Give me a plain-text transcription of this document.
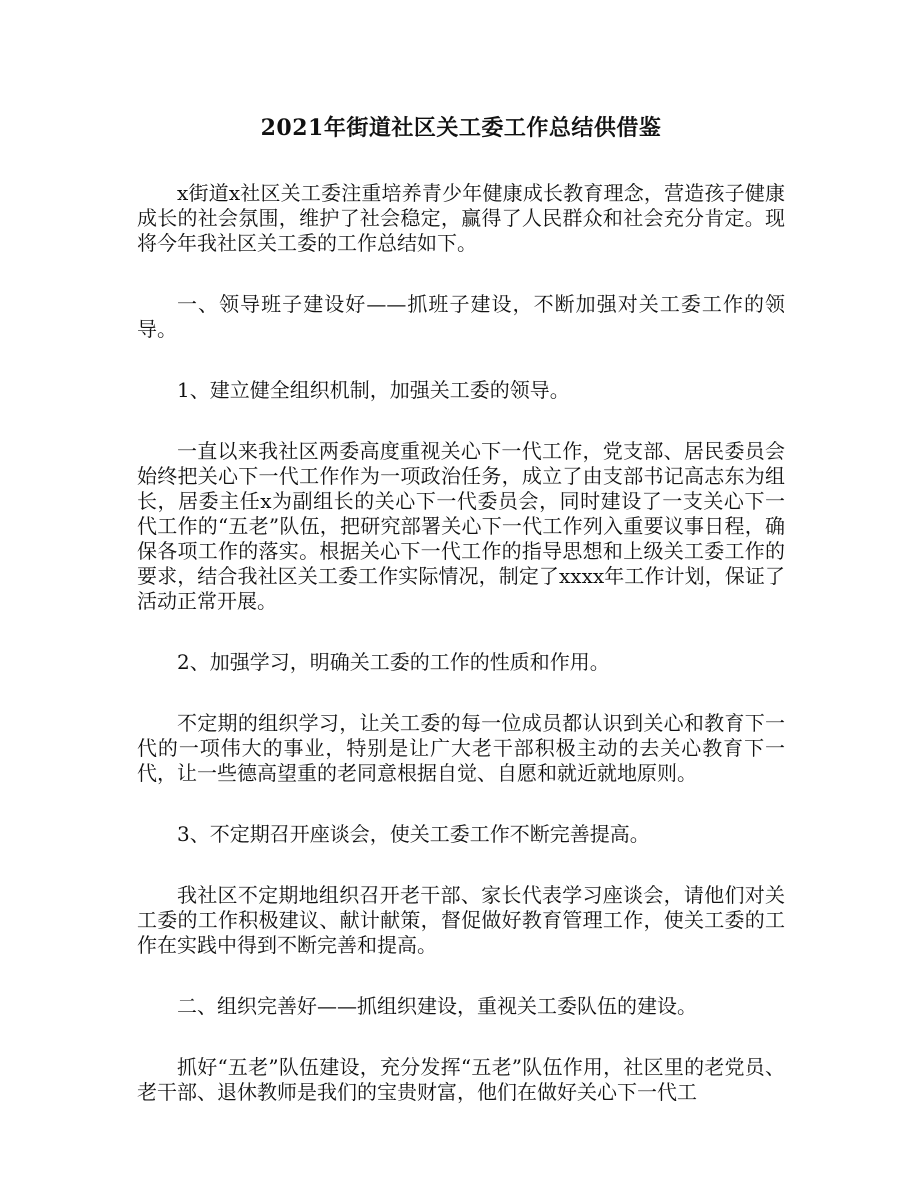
2021年街道社区关工委工作总结供借鉴

x街道x社区关工委注重培养青少年健康成长教育理念，营造孩子健康成长的社会氛围，维护了社会稳定，赢得了人民群众和社会充分肯定。现将今年我社区关工委的工作总结如下。

一、领导班子建设好——抓班子建设，不断加强对关工委工作的领导。

1、建立健全组织机制，加强关工委的领导。

一直以来我社区两委高度重视关心下一代工作，党支部、居民委员会始终把关心下一代工作作为一项政治任务，成立了由支部书记高志东为组长，居委主任x为副组长的关心下一代委员会，同时建设了一支关心下一代工作的“五老”队伍，把研究部署关心下一代工作列入重要议事日程，确保各项工作的落实。根据关心下一代工作的指导思想和上级关工委工作的要求，结合我社区关工委工作实际情况，制定了xxxx年工作计划，保证了活动正常开展。

2、加强学习，明确关工委的工作的性质和作用。

不定期的组织学习，让关工委的每一位成员都认识到关心和教育下一代的一项伟大的事业，特别是让广大老干部积极主动的去关心教育下一代，让一些德高望重的老同意根据自觉、自愿和就近就地原则。

3、不定期召开座谈会，使关工委工作不断完善提高。

我社区不定期地组织召开老干部、家长代表学习座谈会，请他们对关工委的工作积极建议、献计献策，督促做好教育管理工作，使关工委的工作在实践中得到不断完善和提高。

二、组织完善好——抓组织建设，重视关工委队伍的建设。

抓好“五老”队伍建设，充分发挥“五老”队伍作用，社区里的老党员、老干部、退休教师是我们的宝贵财富，他们在做好关心下一代工
